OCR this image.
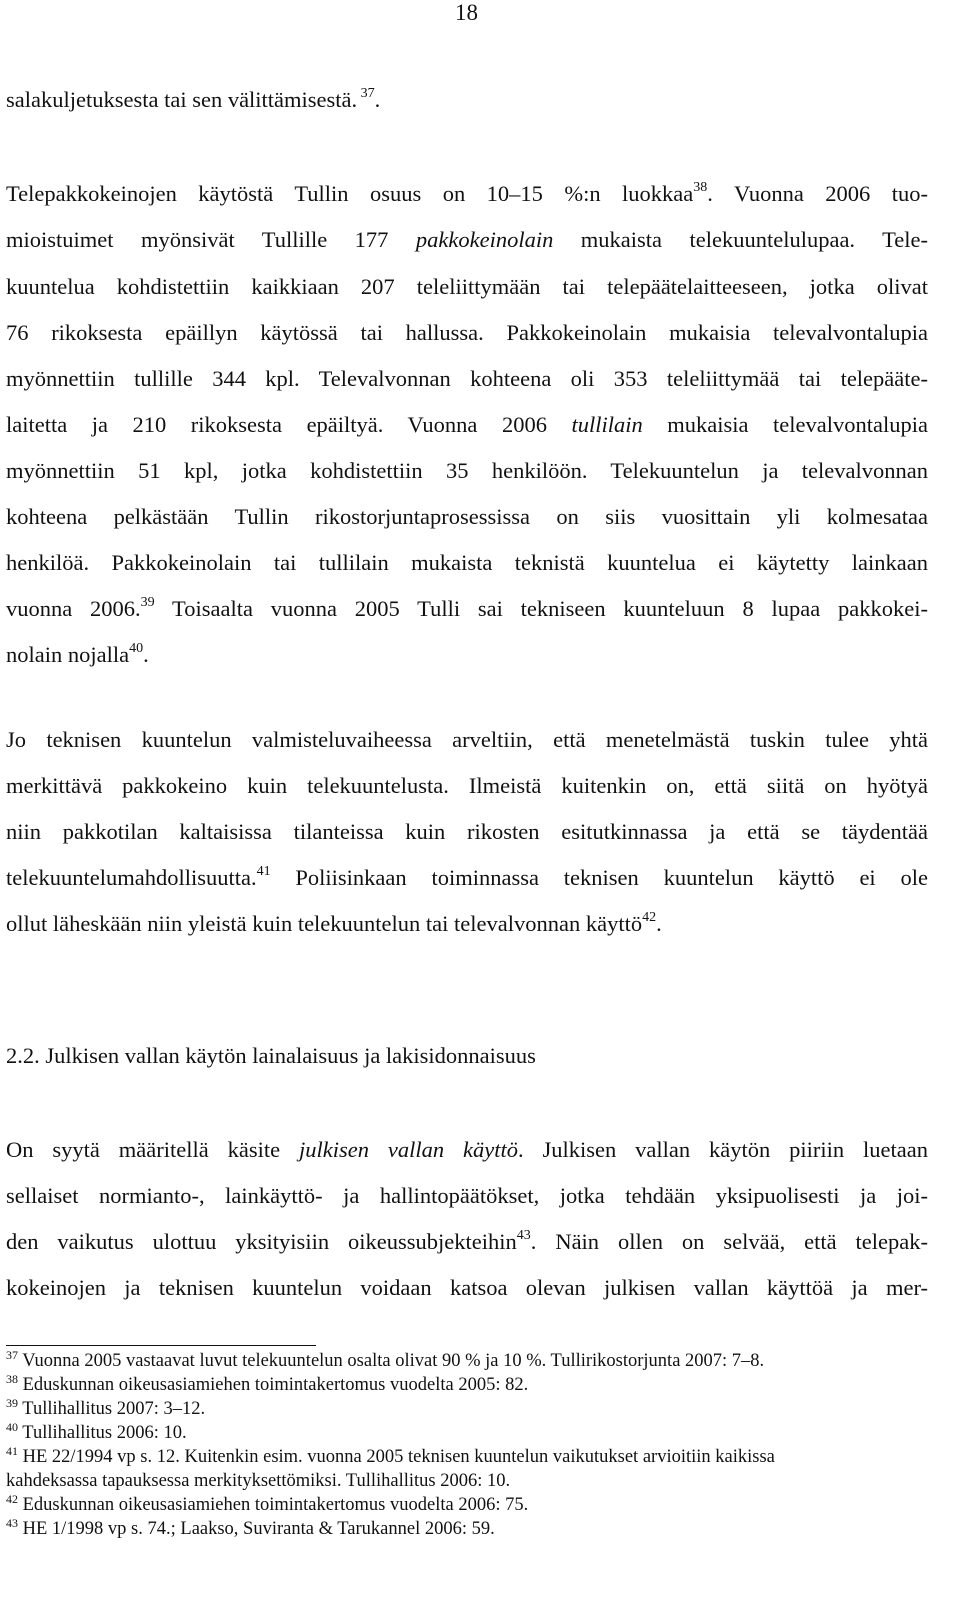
18
salakuljetuksesta tai sen välittämisestä. $^{37}$.
Telepakkokeinojen käytöstä Tullin osuus on 10–15 %:n luokkaa$^{38}$. Vuonna 2006 tuo-
mioistuimet myönsivät Tullille 177 pakkokeinolain mukaista telekuuntelulupaa. Tele-
kuuntelua kohdistettiin kaikkiaan 207 teleliittymään tai telepäätelaitteeseen, jotka olivat
76 rikoksesta epäillyn käytössä tai hallussa. Pakkokeinolain mukaisia televalvontalupia
myönnettiin tullille 344 kpl. Televalvonnan kohteena oli 353 teleliittymää tai telepääte-
laitetta ja 210 rikoksesta epäiltyä. Vuonna 2006 tullilain mukaisia televalvontalupia
myönnettiin 51 kpl, jotka kohdistettiin 35 henkilöön. Telekuuntelun ja televalvonnan
kohteena pelkästään Tullin rikostorjuntaprosessissa on siis vuosittain yli kolmesataa
henkilöä. Pakkokeinolain tai tullilain mukaista teknistä kuuntelua ei käytetty lainkaan
vuonna 2006.39 Toisaalta vuonna 2005 Tulli sai tekniseen kuunteluun 8 lupaa pakkokei-
nolain nojalla$^{40}$.
Jo teknisen kuuntelun valmisteluvaiheessa arveltiin, että menetelmästä tuskin tulee yhtä
merkittävä pakkokeino kuin telekuuntelusta. Ilmeistä kuitenkin on, että siitä on hyötyä
niin pakkotilan kaltaisissa tilanteissa kuin rikosten esitutkinnassa ja että se täydentää
telekuuntelumahdollisuutta.$^{41}$ Poliisinkaan toiminnassa teknisen kuuntelun käyttö ei ole
ollut läheskään niin yleistä kuin telekuuntelun tai televalvonnan käyttö$^{42}$.
2.2. Julkisen vallan käytön lainalaisuus ja lakisidonnaisuus
On syytä määritellä käsite julkisen vallan käyttö. Julkisen vallan käytön piiriin luetaan
sellaiset normianto-, lainkäyttö- ja hallintopäätökset, jotka tehdään yksipuolisesti ja joi-
den vaikutus ulottuu yksityisiin oikeussubjekteihin$^{43}$. Näin ollen on selvää, että telepak-
kokeinojen ja teknisen kuuntelun voidaan katsoa olevan julkisen vallan käyttöä ja mer-
$^{37}$ Vuonna 2005 vastaavat luvut telekuuntelun osalta olivat 90 % ja 10 %. Tullirikostorjunta 2007: 7–8.
$^{38}$ Eduskunnan oikeusasiamiehen toimintakertomus vuodelta 2005: 82.
$^{39}$ Tullihallitus 2007: 3–12.
$^{40}$ Tullihallitus 2006: 10.
$^{41}$ HE 22/1994 vp s. 12. Kuitenkin esim. vuonna 2005 teknisen kuuntelun vaikutukset arvioitiin kaikissa
kahdeksassa tapauksessa merkityksettömiksi. Tullihallitus 2006: 10.
$^{42}$ Eduskunnan oikeusasiamiehen toimintakertomus vuodelta 2006: 75.
$^{43}$ HE 1/1998 vp s. 74.; Laakso, Suviranta & Tarukannel 2006: 59.
